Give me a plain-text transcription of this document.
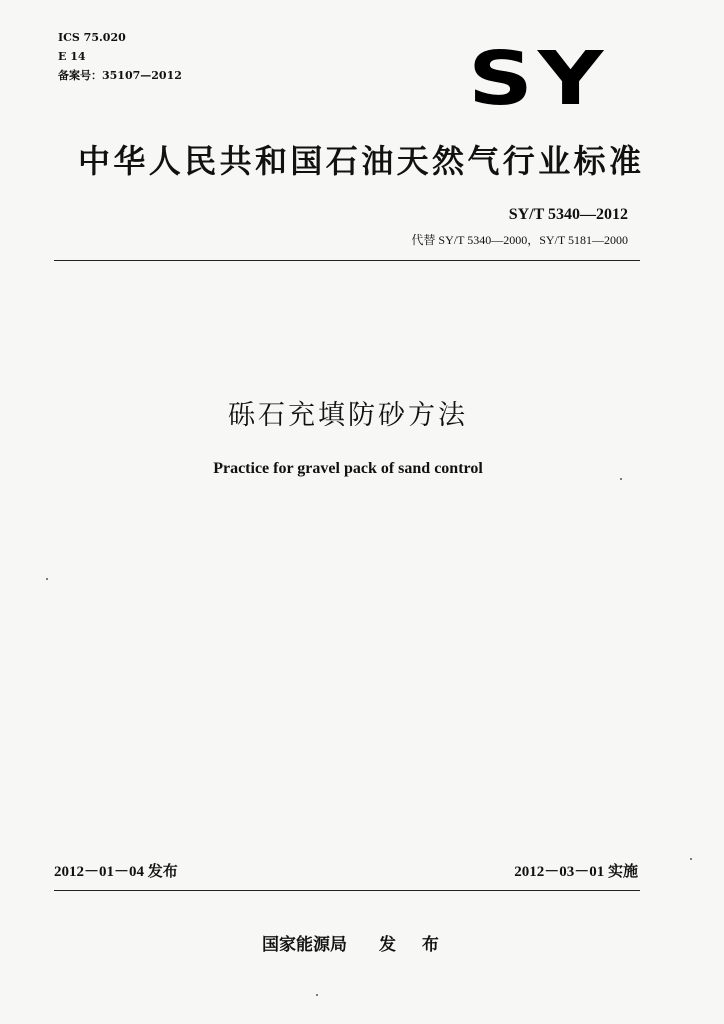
ICS 75.020
E 14
备案号：35107—2012	SY
中华人民共和国石油天然气行业标准
SY/T 5340—2012
代替 SY/T 5340—2000，SY/T 5181—2000
砾石充填防砂方法
Practice for gravel pack of sand control
2012－01－04 发布	2012－03－01 实施
国家能源局 发 布
